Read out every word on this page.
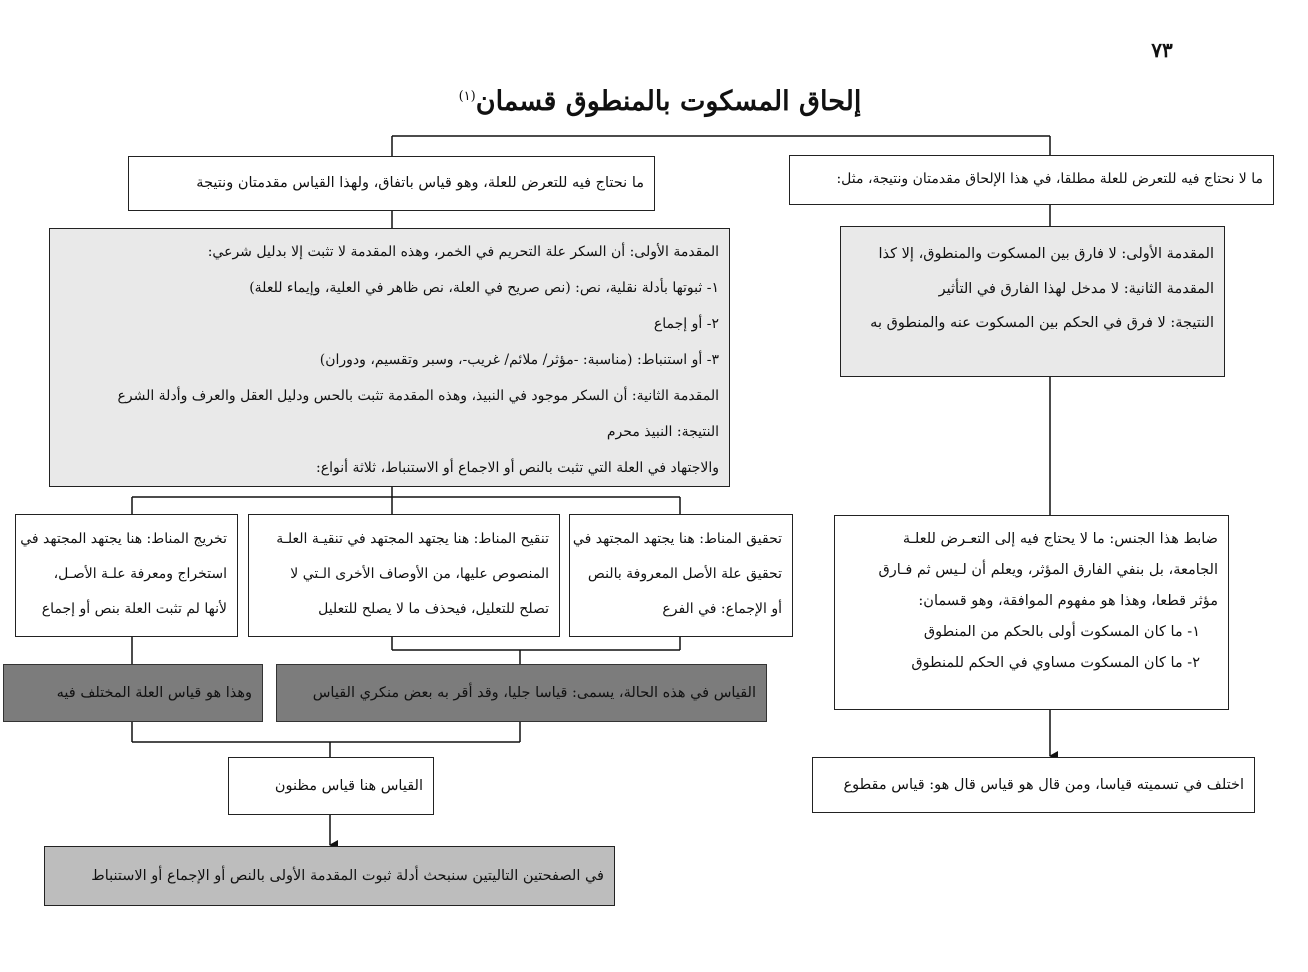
٧٣
إلحاق المسكوت بالمنطوق قسمان$^{(١)}$
ما لا نحتاج فيه للتعرض للعلة مطلقا، في هذا الإلحاق مقدمتان ونتيجة، مثل:
المقدمة الأولى: لا فارق بين المسكوت والمنطوق، إلا كذا
المقدمة الثانية: لا مدخل لهذا الفارق في التأثير
النتيجة: لا فرق في الحكم بين المسكوت عنه والمنطوق به
ضابط هذا الجنس: ما لا يحتاج فيه إلى التعـرض للعلـة
الجامعة، بل بنفي الفارق المؤثر، ويعلم أن لـيس ثم فـارق
مؤثر قطعا، وهذا هو مفهوم الموافقة، وهو قسمان:
١- ما كان المسكوت أولى بالحكم من المنطوق
٢- ما كان المسكوت مساوي في الحكم للمنطوق
اختلف في تسميته قياسا، ومن قال هو قياس قال هو: قياس مقطوع
ما نحتاج فيه للتعرض للعلة، وهو قياس باتفاق، ولهذا القياس مقدمتان ونتيجة
المقدمة الأولى: أن السكر علة التحريم في الخمر، وهذه المقدمة لا تثبت إلا بدليل شرعي:
١- ثبوتها بأدلة نقلية، نص: (نص صريح في العلة، نص ظاهر في العلية، وإيماء للعلة)
٢- أو إجماع
٣- أو استنباط: (مناسبة: -مؤثر/ ملائم/ غريب-، وسبر وتقسيم، ودوران)
المقدمة الثانية: أن السكر موجود في النبيذ، وهذه المقدمة تثبت بالحس ودليل العقل والعرف وأدلة الشرع
النتيجة: النبيذ محرم
والاجتهاد في العلة التي تثبت بالنص أو الاجماع أو الاستنباط، ثلاثة أنواع:
تحقيق المناط: هنا يجتهد المجتهد في
تحقيق علة الأصل المعروفة بالنص
أو الإجماع: في الفرع
تنقيح المناط: هنا يجتهد المجتهد في تنقيـة العلـة
المنصوص عليها، من الأوصاف الأخرى الـتي لا
تصلح للتعليل، فيحذف ما لا يصلح للتعليل
تخريج المناط: هنا يجتهد المجتهد في
استخراج ومعرفة علـة الأصـل،
لأنها لم تثبت العلة بنص أو إجماع
القياس في هذه الحالة، يسمى: قياسا جليا، وقد أقر به بعض منكري القياس
وهذا هو قياس العلة المختلف فيه
القياس هنا قياس مظنون
في الصفحتين التاليتين سنبحث أدلة ثبوت المقدمة الأولى بالنص أو الإجماع أو الاستنباط
